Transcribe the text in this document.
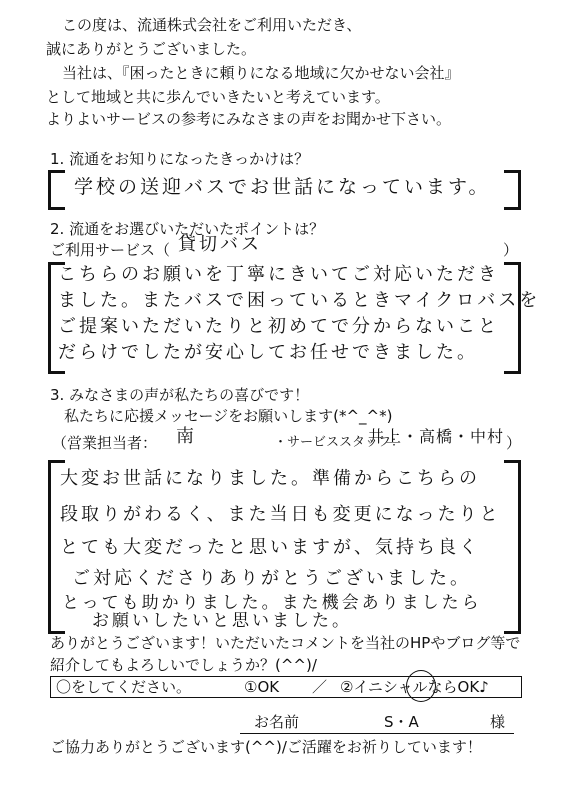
この度は、流通株式会社をご利用いただき、
誠にありがとうございました。
当社は、『困ったときに頼りになる地域に欠かせない会社』
として地域と共に歩んでいきたいと考えています。
よりよいサービスの参考にみなさまの声をお聞かせ下さい。
1. 流通をお知りになったきっかけは？
学校の送迎バスでお世話になっています。
2. 流通をお選びいただいたポイントは？
ご利用サービス（ 貸切バス	）
こちらのお願いを丁寧にきいてご対応いただき
ました。またバスで困っているときマイクロバスを
ご提案いただいたりと初めてで分からないこと
だらけでしたが安心してお任せできました。
3. みなさまの声が私たちの喜びです！
私たちに応援メッセージをお願いします(*^_^*)
（営業担当者： 南	・サービススタッフ：
井上・高橋・中村 ）
大変お世話になりました。準備からこちらの
段取りがわるく、また当日も変更になったりと
とても大変だったと思いますが、気持ち良く
ご対応くださりありがとうございました。
とっても助かりました。また機会ありましたら
お願いしたいと思いました。
ありがとうございます！いただいたコメントを当社のHPやブログ等で
紹介してもよろしいでしょうか？(^^)/
〇をしてください。	①OK ／ ②イニシャルならOK♪
お名前	S・A	様
ご協力ありがとうございます(^^)/ご活躍をお祈りしています！
